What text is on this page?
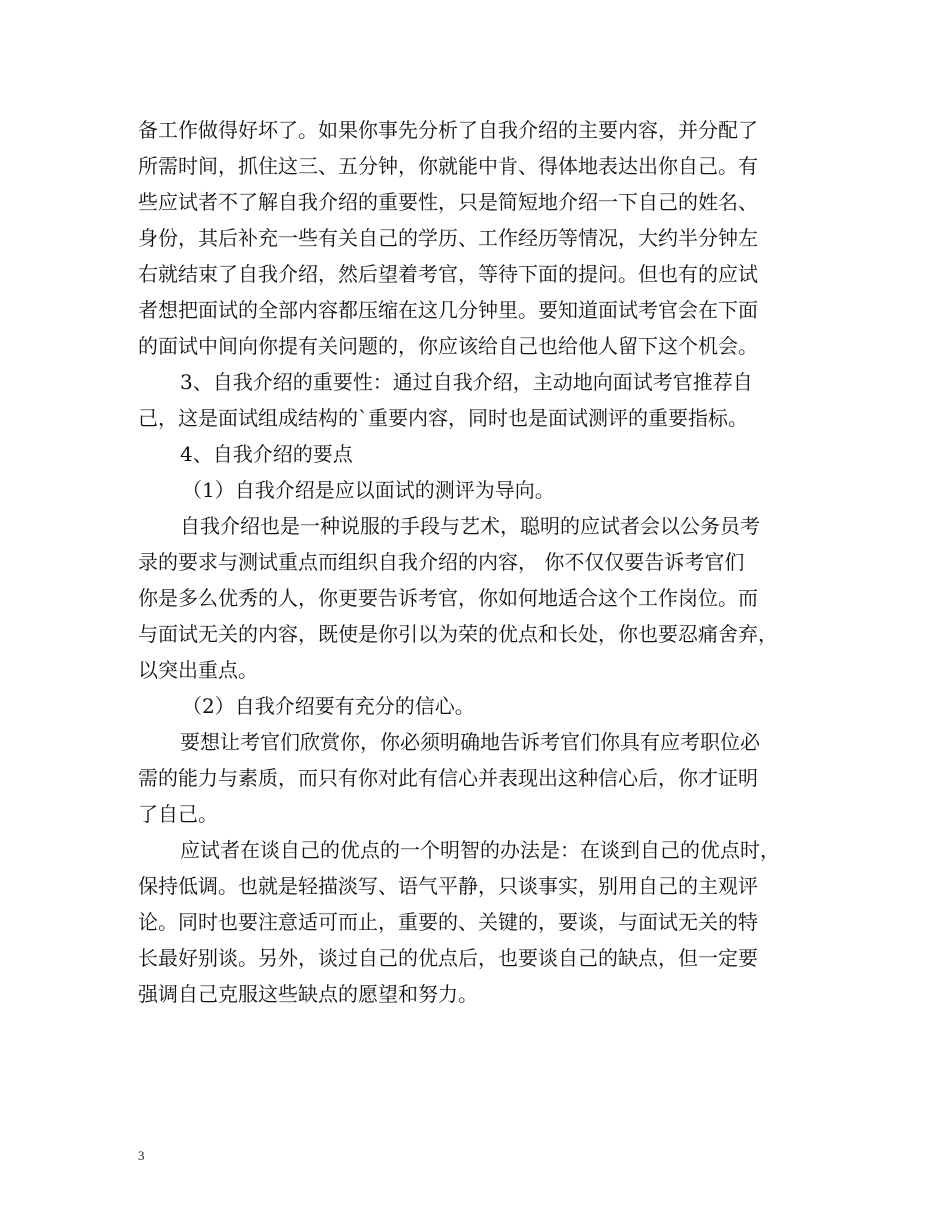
备工作做得好坏了。如果你事先分析了自我介绍的主要内容，并分配了
所需时间，抓住这三、五分钟，你就能中肯、得体地表达出你自己。有
些应试者不了解自我介绍的重要性，只是简短地介绍一下自己的姓名、
身份，其后补充一些有关自己的学历、工作经历等情况，大约半分钟左
右就结束了自我介绍，然后望着考官，等待下面的提问。但也有的应试
者想把面试的全部内容都压缩在这几分钟里。要知道面试考官会在下面
的面试中间向你提有关问题的，你应该给自己也给他人留下这个机会。
3、自我介绍的重要性：通过自我介绍，主动地向面试考官推荐自
己，这是面试组成结构的`重要内容，同时也是面试测评的重要指标。
4、自我介绍的要点
（1）自我介绍是应以面试的测评为导向。
自我介绍也是一种说服的手段与艺术，聪明的应试者会以公务员考
录的要求与测试重点而组织自我介绍的内容， 你不仅仅要告诉考官们
你是多么优秀的人，你更要告诉考官，你如何地适合这个工作岗位。而
与面试无关的内容，既使是你引以为荣的优点和长处，你也要忍痛舍弃，
以突出重点。
（2）自我介绍要有充分的信心。
要想让考官们欣赏你，你必须明确地告诉考官们你具有应考职位必
需的能力与素质，而只有你对此有信心并表现出这种信心后，你才证明
了自己。
应试者在谈自己的优点的一个明智的办法是：在谈到自己的优点时，
保持低调。也就是轻描淡写、语气平静，只谈事实，别用自己的主观评
论。同时也要注意适可而止，重要的、关键的，要谈，与面试无关的特
长最好别谈。另外，谈过自己的优点后，也要谈自己的缺点，但一定要
强调自己克服这些缺点的愿望和努力。
3
